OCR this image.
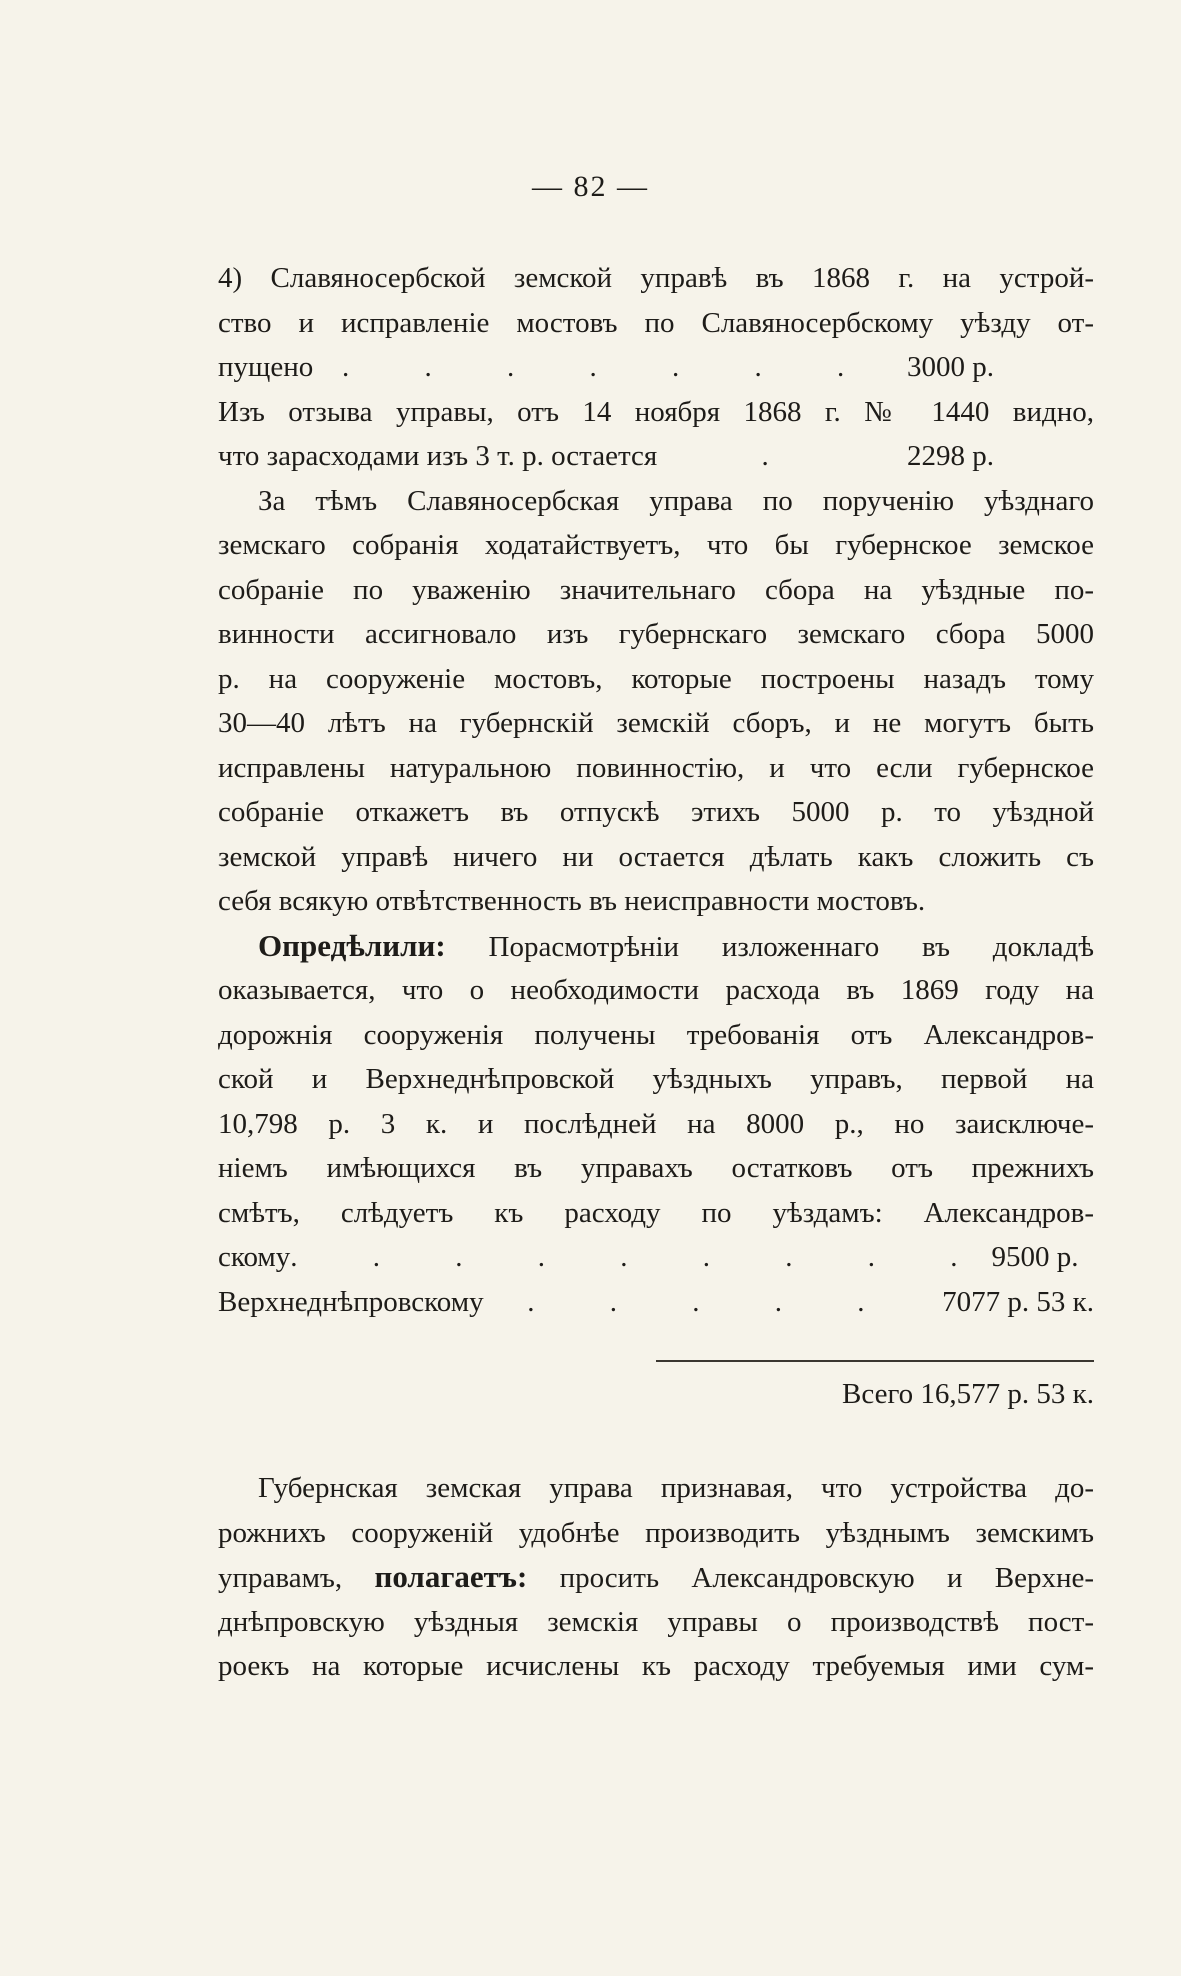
— 82 —
4) Славяносербской земской управѣ въ 1868 г. на устрой-
ство и исправленіе мостовъ по Славяносербскому уѣзду от-
пущено . . . . . . . 3000 р.
Изъ отзыва управы, отъ 14 ноября 1868 г. № 1440 видно,
что зарасходами изъ 3 т. р. остается	.	2298 р.
За тѣмъ Славяносербская управа по порученію уѣзднаго
земскаго собранія ходатайствуетъ, что бы губернское земское
собраніе по уваженію значительнаго сбора на уѣздные по-
винности ассигновало изъ губернскаго земскаго сбора 5000
р. на сооруженіе мостовъ, которые построены назадъ тому
30—40 лѣтъ на губернскій земскій сборъ, и не могутъ быть
исправлены натуральною повинностію, и что если губернское
собраніе откажетъ въ отпускѣ этихъ 5000 р. то уѣздной
земской управѣ ничего ни остается дѣлать какъ сложить съ
себя всякую отвѣтственность въ неисправности мостовъ.
Опредѣлили: Порасмотрѣніи изложеннаго въ докладѣ
оказывается, что о необходимости расхода въ 1869 году на
дорожнія сооруженія получены требованія отъ Александров-
ской и Верхнеднѣпровской уѣздныхъ управъ, первой на
10,798 р. 3 к. и послѣдней на 8000 р., но заисключе-
ніемъ имѣющихся въ управахъ остатковъ отъ прежнихъ
смѣтъ, слѣдуетъ къ расходу по уѣздамъ: Александров-
скому . . . . . . . . . 9500 р.
Верхнеднѣпровскому	. . . . .	7077 р. 53 к.
Всего 16,577 р. 53 к.
Губернская земская управа признавая, что устройства до-
рожнихъ сооруженій удобнѣе производить уѣзднымъ земскимъ
управамъ, полагаетъ: просить Александровскую и Верхне-
днѣпровскую уѣздныя земскія управы о производствѣ пост-
роекъ на которые исчислены къ расходу требуемыя ими сум-
